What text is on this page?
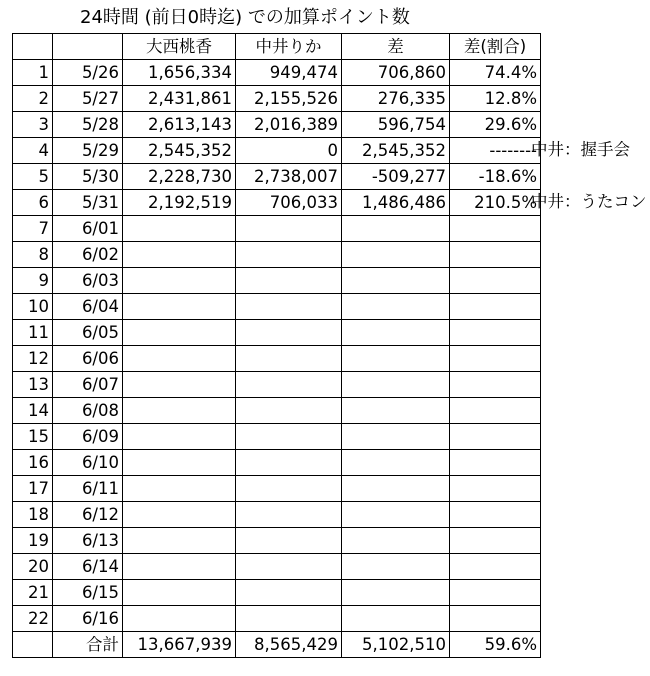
24時間 (前日0時迄) での加算ポイント数
		大西桃香	中井りか	差	差(割合)
1	5/26	1,656,334	949,474	706,860	74.4%
2	5/27	2,431,861	2,155,526	276,335	12.8%
3	5/28	2,613,143	2,016,389	596,754	29.6%
4	5/29	2,545,352	0	2,545,352	--------
5	5/30	2,228,730	2,738,007	-509,277	-18.6%
6	5/31	2,192,519	706,033	1,486,486	210.5%
7	6/01				
8	6/02				
9	6/03				
10	6/04				
11	6/05				
12	6/06				
13	6/07				
14	6/08				
15	6/09				
16	6/10				
17	6/11				
18	6/12				
19	6/13				
20	6/14				
21	6/15				
22	6/16				
	合計	13,667,939	8,565,429	5,102,510	59.6%
中井：握手会
中井：うたコン
